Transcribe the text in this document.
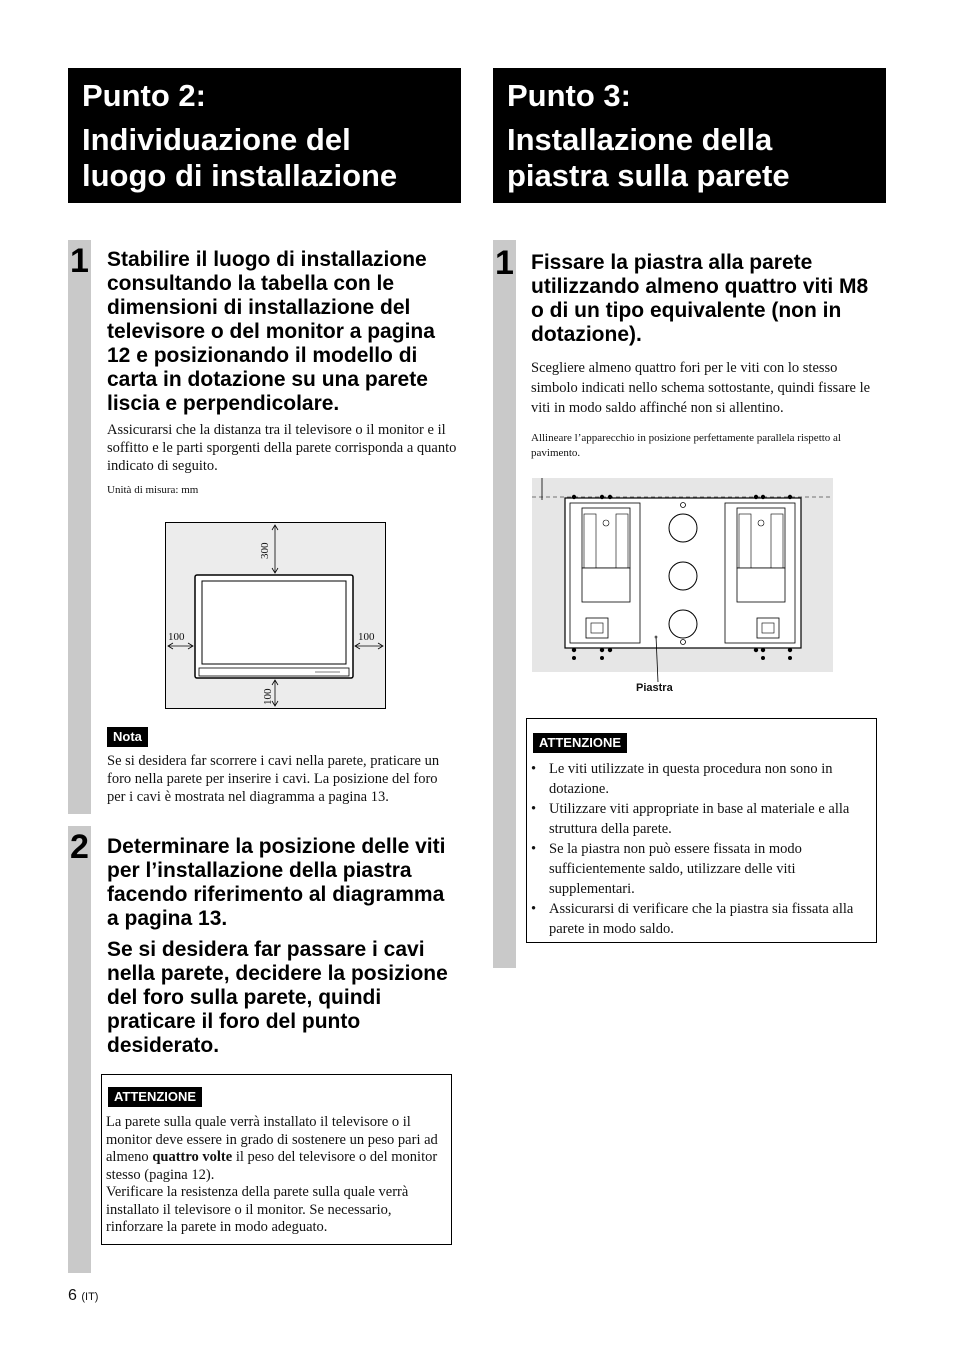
Punto 2:
Individuazione del luogo di installazione
Punto 3:
Installazione della piastra sulla parete
1 Stabilire il luogo di installazione consultando la tabella con le dimensioni di installazione del televisore o del monitor a pagina 12 e posizionando il modello di carta in dotazione su una parete liscia e perpendicolare.
Assicurarsi che la distanza tra il televisore o il monitor e il soffitto e le parti sporgenti della parete corrisponda a quanto indicato di seguito.
Unità di misura: mm
300
100	100
100
Nota
Se si desidera far scorrere i cavi nella parete, praticare un foro nella parete per inserire i cavi. La posizione del foro per i cavi è mostrata nel diagramma a pagina 13.
2 Determinare la posizione delle viti per l’installazione della piastra facendo riferimento al diagramma a pagina 13.
Se si desidera far passare i cavi nella parete, decidere la posizione del foro sulla parete, quindi praticare il foro del punto desiderato.
ATTENZIONE
La parete sulla quale verrà installato il televisore o il monitor deve essere in grado di sostenere un peso pari ad almeno quattro volte il peso del televisore o del monitor stesso (pagina 12).
Verificare la resistenza della parete sulla quale verrà installato il televisore o il monitor. Se necessario, rinforzare la parete in modo adeguato.
1 Fissare la piastra alla parete utilizzando almeno quattro viti M8 o di un tipo equivalente (non in dotazione).
Scegliere almeno quattro fori per le viti con lo stesso simbolo indicati nello schema sottostante, quindi fissare le viti in modo saldo affinché non si allentino.
Allineare l’apparecchio in posizione perfettamente parallela rispetto al pavimento.
Piastra
ATTENZIONE
• Le viti utilizzate in questa procedura non sono in dotazione.
• Utilizzare viti appropriate in base al materiale e alla struttura della parete.
• Se la piastra non può essere fissata in modo sufficientemente saldo, utilizzare delle viti supplementari.
• Assicurarsi di verificare che la piastra sia fissata alla parete in modo saldo.
6 (IT)
